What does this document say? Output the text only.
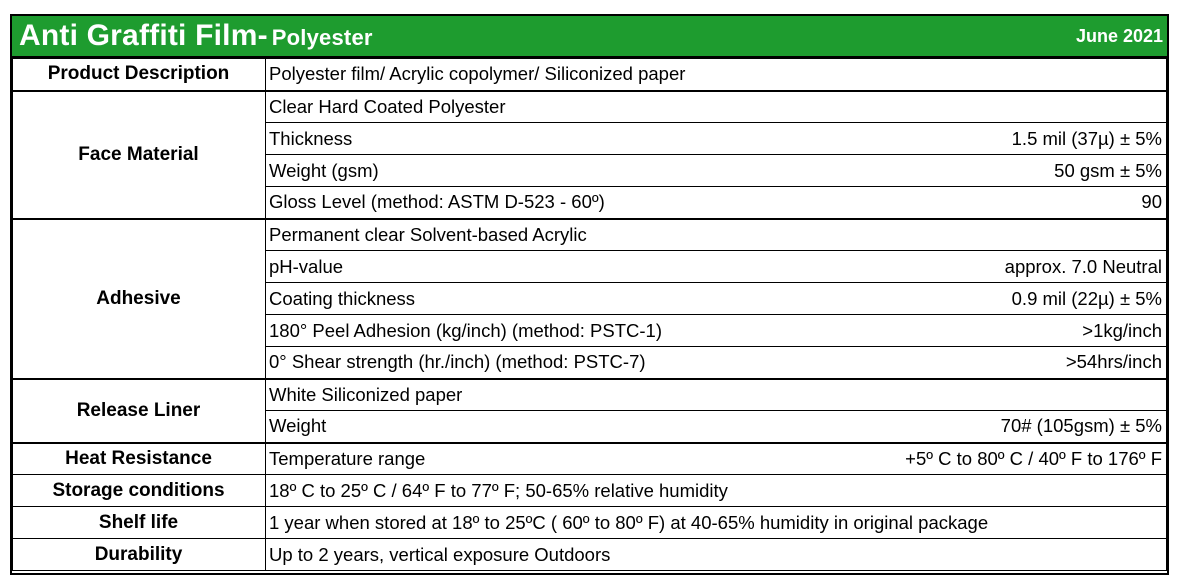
Anti Graffiti Film- Polyester	June 2021
Product Description	Polyester film/ Acrylic copolymer/ Siliconized paper	
Face Material	Clear Hard Coated Polyester	
	Thickness	1.5 mil (37µ) ± 5%
	Weight (gsm)	50 gsm ± 5%
	Gloss Level (method: ASTM D-523 - 60º)	90
Adhesive	Permanent clear Solvent-based Acrylic	
	pH-value	approx. 7.0 Neutral
	Coating thickness	0.9 mil (22µ) ± 5%
	180° Peel Adhesion (kg/inch) (method: PSTC-1)	>1kg/inch
	0° Shear strength (hr./inch) (method: PSTC-7)	>54hrs/inch
Release Liner	White Siliconized paper	
	Weight	70# (105gsm) ± 5%
Heat Resistance	Temperature range	+5º C to 80º C / 40º F to 176º F
Storage conditions	18º C to 25º C / 64º F to 77º F; 50-65% relative humidity	
Shelf life	1 year when stored at 18º to 25ºC ( 60º to 80º F) at 40-65% humidity in original package	
Durability	Up to 2 years, vertical exposure Outdoors	
